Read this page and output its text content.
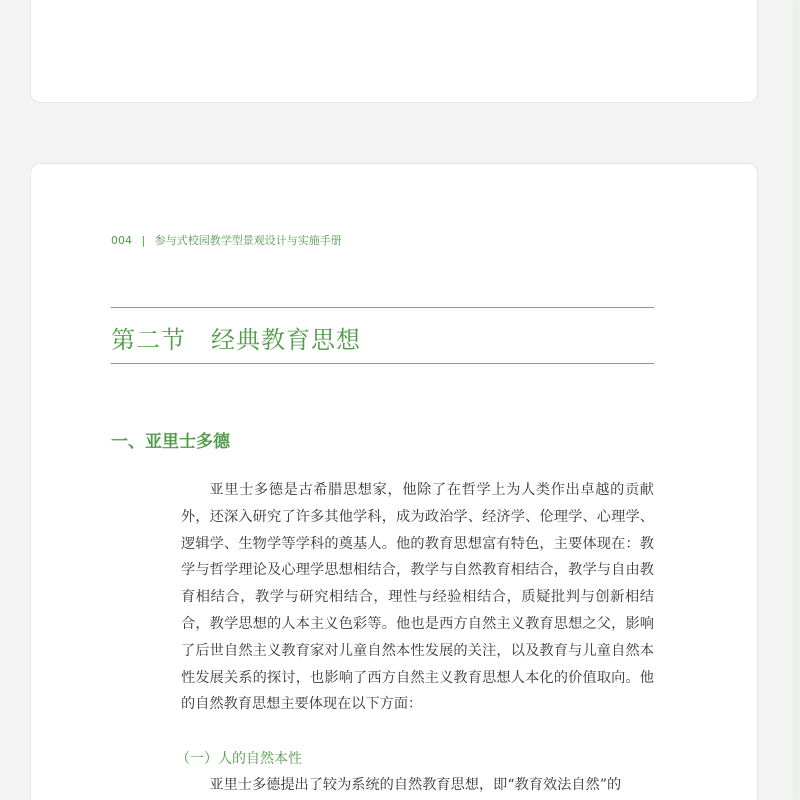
004 | 参与式校园教学型景观设计与实施手册
第二节　经典教育思想
一、亚里士多德

亚里士多德是古希腊思想家，他除了在哲学上为人类作出卓越的贡献外，还深入研究了许多其他学科，成为政治学、经济学、伦理学、心理学、逻辑学、生物学等学科的奠基人。他的教育思想富有特色，主要体现在：教学与哲学理论及心理学思想相结合，教学与自然教育相结合，教学与自由教育相结合，教学与研究相结合，理性与经验相结合，质疑批判与创新相结合，教学思想的人本主义色彩等。他也是西方自然主义教育思想之父，影响了后世自然主义教育家对儿童自然本性发展的关注，以及教育与儿童自然本性发展关系的探讨，也影响了西方自然主义教育思想人本化的价值取向。他的自然教育思想主要体现在以下方面：

（一）人的自然本性

亚里士多德提出了较为系统的自然教育思想，即“教育效法自然”的
